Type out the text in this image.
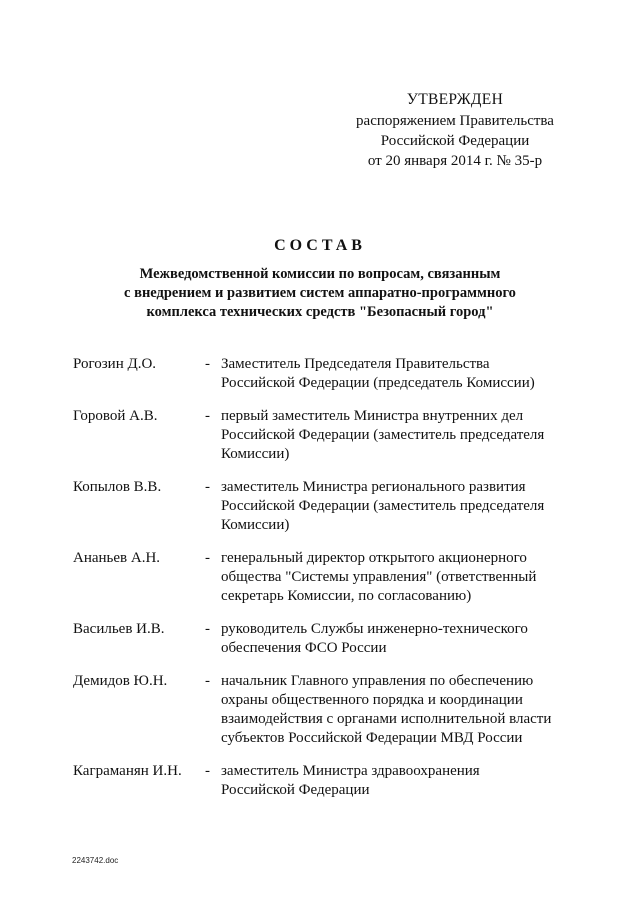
УТВЕРЖДЕН
распоряжением Правительства
Российской Федерации
от 20 января 2014 г. № 35-р
СОСТАВ
Межведомственной комиссии по вопросам, связанным
с внедрением и развитием систем аппаратно-программного
комплекса технических средств "Безопасный город"
Рогозин Д.О.	- Заместитель Председателя Правительства
Российской Федерации (председатель Комиссии)
Горовой А.В.	- первый заместитель Министра внутренних дел
Российской Федерации (заместитель председателя
Комиссии)
Копылов В.В.	- заместитель Министра регионального развития
Российской Федерации (заместитель председателя
Комиссии)
Ананьев А.Н.	- генеральный директор открытого акционерного
общества "Системы управления" (ответственный
секретарь Комиссии, по согласованию)
Васильев И.В.	- руководитель Службы инженерно-технического
обеспечения ФСО России
Демидов Ю.Н.	- начальник Главного управления по обеспечению
охраны общественного порядка и координации
взаимодействия с органами исполнительной власти
субъектов Российской Федерации МВД России
Каграманян И.Н.	- заместитель Министра здравоохранения
Российской Федерации
2243742.doc
